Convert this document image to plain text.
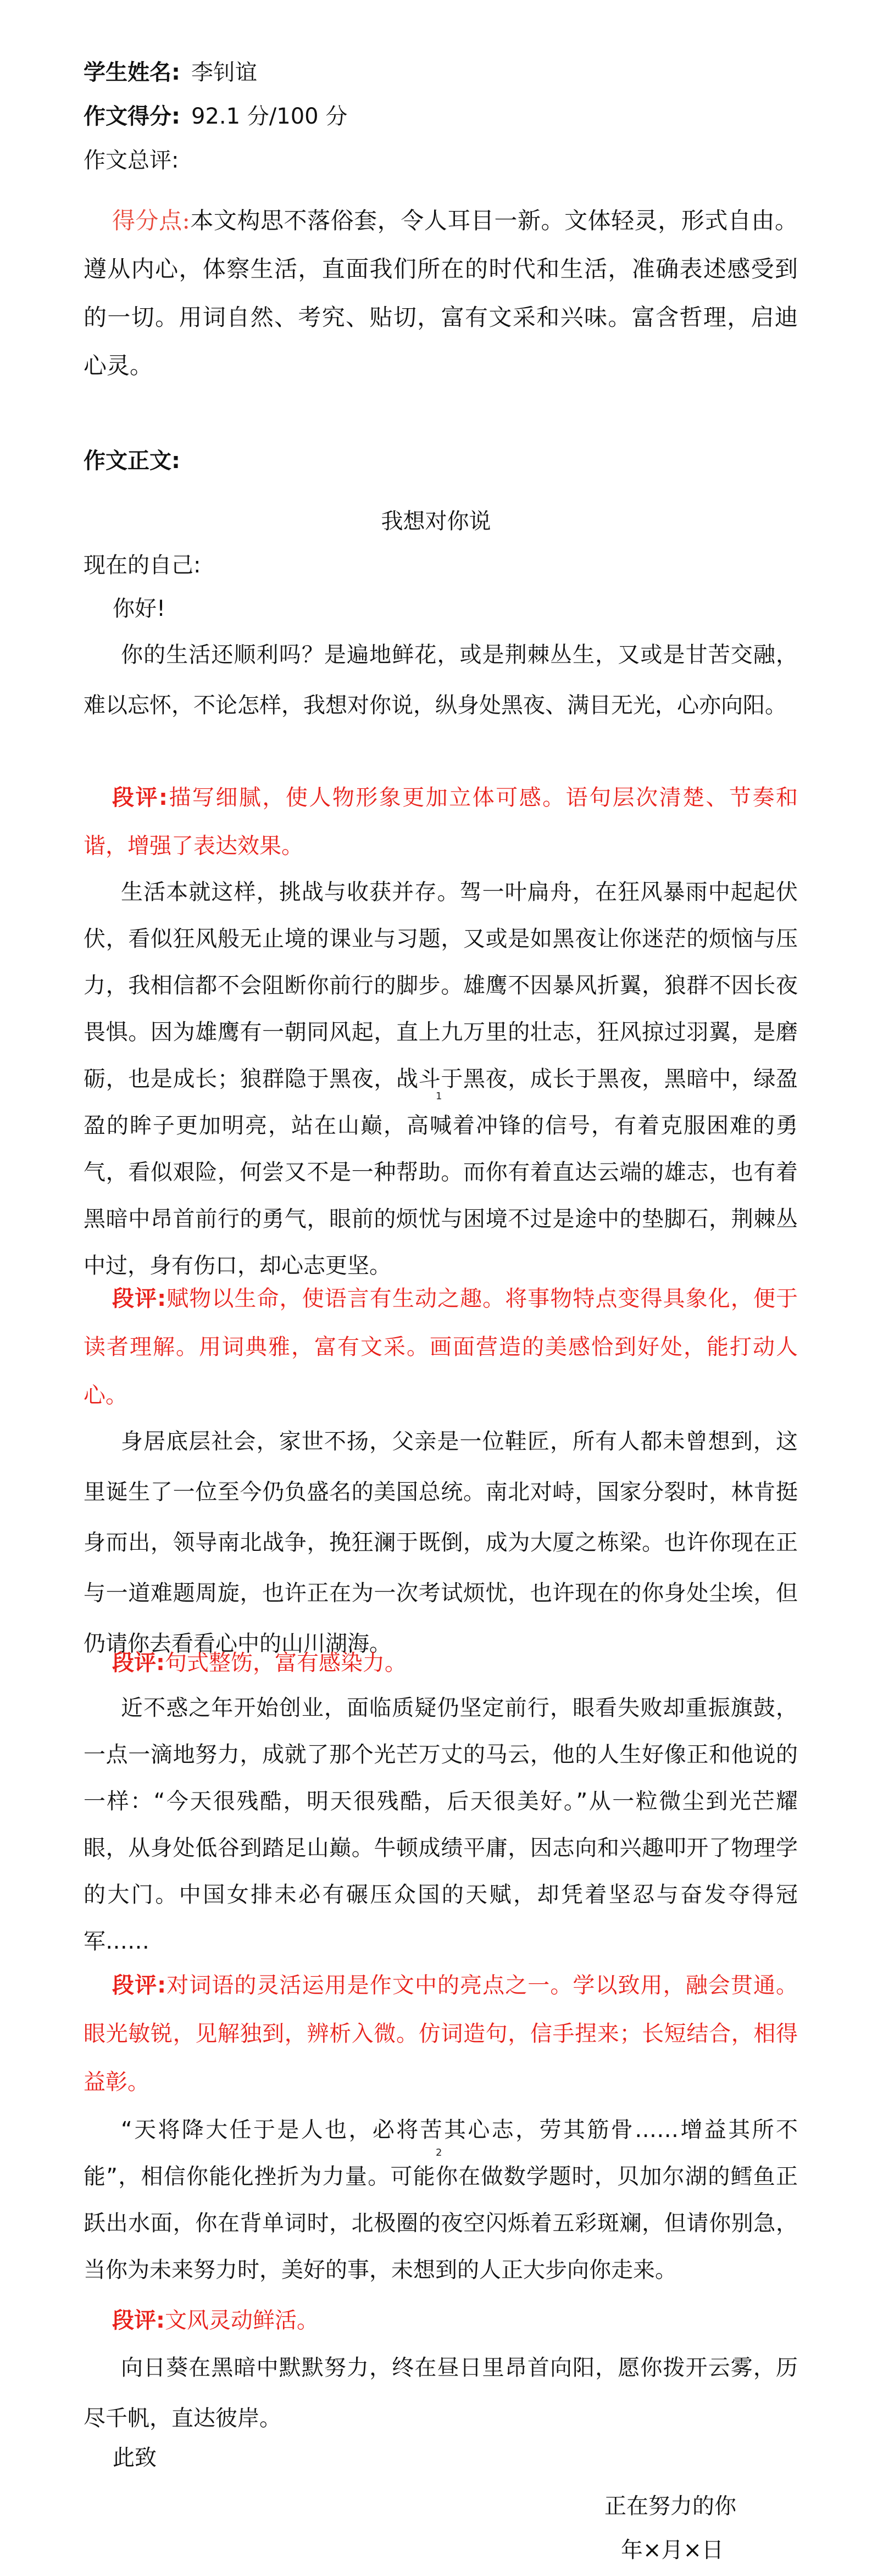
学生姓名: 李钊谊
作文得分: 92.1 分/100 分
作文总评:
得分点:本文构思不落俗套，令人耳目一新。文体轻灵，形式自由。遵从内心，体察生活，直面我们所在的时代和生活，准确表述感受到的一切。用词自然、考究、贴切，富有文采和兴味。富含哲理，启迪心灵。
作文正文:
我想对你说
现在的自己:
你好!
你的生活还顺利吗？是遍地鲜花，或是荆棘丛生，又或是甘苦交融，难以忘怀，不论怎样，我想对你说，纵身处黑夜、满目无光，心亦向阳。
段评:描写细腻，使人物形象更加立体可感。语句层次清楚、节奏和谐，增强了表达效果。
生活本就这样，挑战与收获并存。驾一叶扁舟，在狂风暴雨中起起伏伏，看似狂风般无止境的课业与习题，又或是如黑夜让你迷茫的烦恼与压力，我相信都不会阻断你前行的脚步。雄鹰不因暴风折翼，狼群不因长夜畏惧。因为雄鹰有一朝同风起，直上九万里的壮志，狂风掠过羽翼，是磨砺，也是成长；狼群隐于黑夜，战斗于黑夜，成长于黑夜，黑暗中，绿盈盈的眸子更加明亮，站在山巅，高喊着冲锋的信号，有着克服困难的勇气，看似艰险，何尝又不是一种帮助。而你有着直达云端的雄志，也有着黑暗中昂首前行的勇气，眼前的烦忧与困境不过是途中的垫脚石，荆棘丛中过，身有伤口，却心志更坚。
1
段评:赋物以生命，使语言有生动之趣。将事物特点变得具象化，便于读者理解。用词典雅，富有文采。画面营造的美感恰到好处，能打动人心。
身居底层社会，家世不扬，父亲是一位鞋匠，所有人都未曾想到，这里诞生了一位至今仍负盛名的美国总统。南北对峙，国家分裂时，林肯挺身而出，领导南北战争，挽狂澜于既倒，成为大厦之栋梁。也许你现在正与一道难题周旋，也许正在为一次考试烦忧，也许现在的你身处尘埃，但仍请你去看看心中的山川湖海。
段评:句式整饬，富有感染力。
近不惑之年开始创业，面临质疑仍坚定前行，眼看失败却重振旗鼓，一点一滴地努力，成就了那个光芒万丈的马云，他的人生好像正和他说的一样：“今天很残酷，明天很残酷，后天很美好。”从一粒微尘到光芒耀眼，从身处低谷到踏足山巅。牛顿成绩平庸，因志向和兴趣叩开了物理学的大门。中国女排未必有碾压众国的天赋，却凭着坚忍与奋发夺得冠军……
段评:对词语的灵活运用是作文中的亮点之一。学以致用，融会贯通。眼光敏锐，见解独到，辨析入微。仿词造句，信手捏来；长短结合，相得益彰。
“天将降大任于是人也，必将苦其心志，劳其筋骨……增益其所不能”，相信你能化挫折为力量。可能你在做数学题时，贝加尔湖的鳕鱼正跃出水面，你在背单词时，北极圈的夜空闪烁着五彩斑斓，但请你别急，当你为未来努力时，美好的事，未想到的人正大步向你走来。
2
段评:文风灵动鲜活。
向日葵在黑暗中默默努力，终在昼日里昂首向阳，愿你拨开云雾，历尽千帆，直达彼岸。
此致
正在努力的你
年×月×日
